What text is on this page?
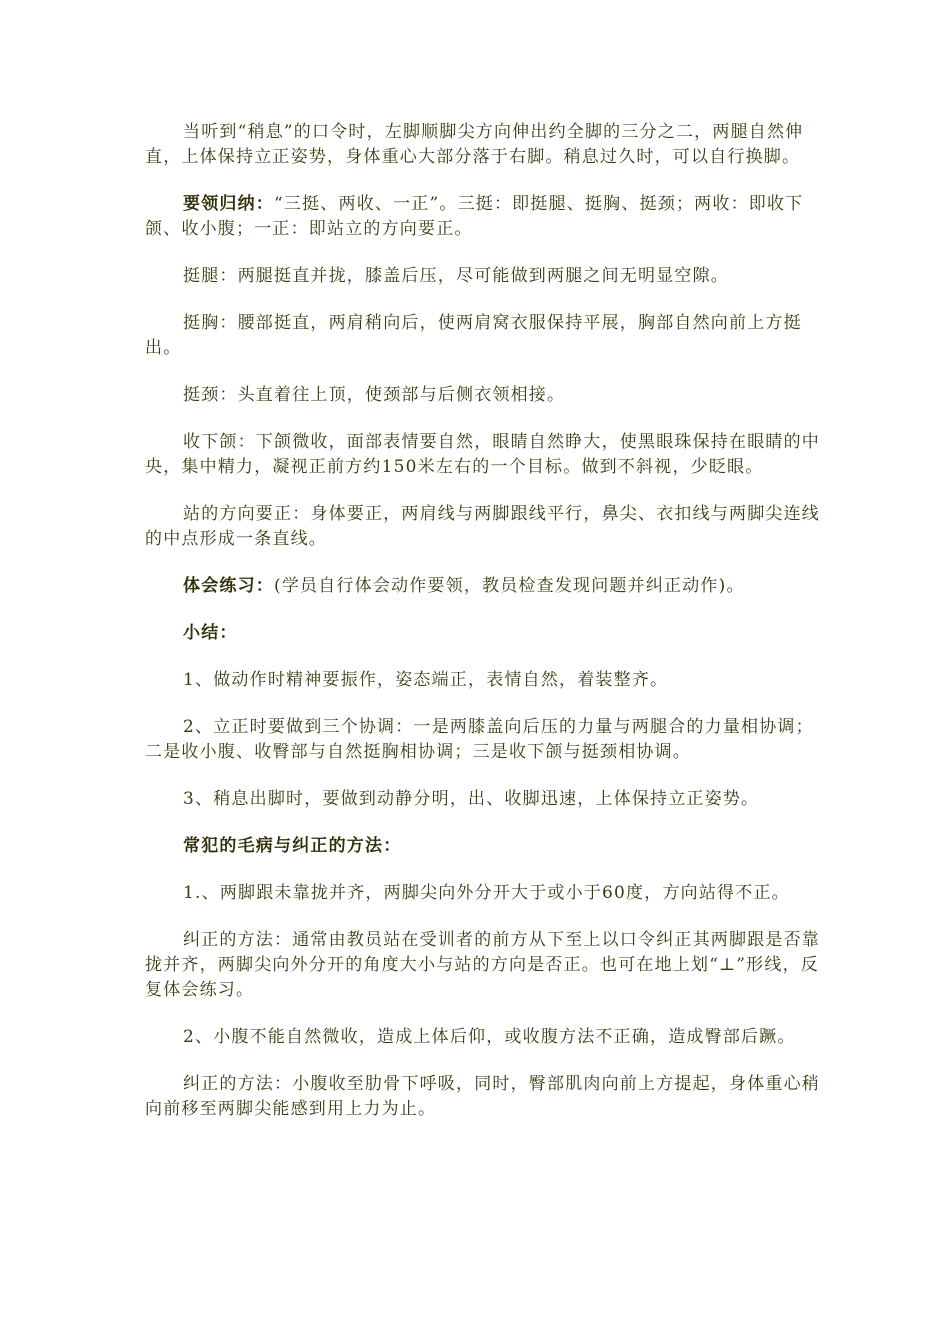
当听到“稍息”的口令时，左脚顺脚尖方向伸出约全脚的三分之二，两腿自然伸直，上体保持立正姿势，身体重心大部分落于右脚。稍息过久时，可以自行换脚。

要领归纳：“三挺、两收、一正”。三挺：即挺腿、挺胸、挺颈；两收：即收下颌、收小腹；一正：即站立的方向要正。

挺腿：两腿挺直并拢，膝盖后压，尽可能做到两腿之间无明显空隙。

挺胸：腰部挺直，两肩稍向后，使两肩窝衣服保持平展，胸部自然向前上方挺出。

挺颈：头直着往上顶，使颈部与后侧衣领相接。

收下颌：下颌微收，面部表情要自然，眼睛自然睁大，使黑眼珠保持在眼睛的中央，集中精力，凝视正前方约150米左右的一个目标。做到不斜视，少眨眼。

站的方向要正：身体要正，两肩线与两脚跟线平行，鼻尖、衣扣线与两脚尖连线的中点形成一条直线。

体会练习：(学员自行体会动作要领，教员检查发现问题并纠正动作)。

小结：

1、做动作时精神要振作，姿态端正，表情自然，着装整齐。

2、立正时要做到三个协调：一是两膝盖向后压的力量与两腿合的力量相协调；二是收小腹、收臀部与自然挺胸相协调；三是收下颌与挺颈相协调。

3、稍息出脚时，要做到动静分明，出、收脚迅速，上体保持立正姿势。

常犯的毛病与纠正的方法：

1.、两脚跟未靠拢并齐，两脚尖向外分开大于或小于60度，方向站得不正。

纠正的方法：通常由教员站在受训者的前方从下至上以口令纠正其两脚跟是否靠拢并齐，两脚尖向外分开的角度大小与站的方向是否正。也可在地上划“⊥”形线，反复体会练习。

2、小腹不能自然微收，造成上体后仰，或收腹方法不正确，造成臀部后蹶。

纠正的方法：小腹收至肋骨下呼吸，同时，臀部肌肉向前上方提起，身体重心稍向前移至两脚尖能感到用上力为止。
